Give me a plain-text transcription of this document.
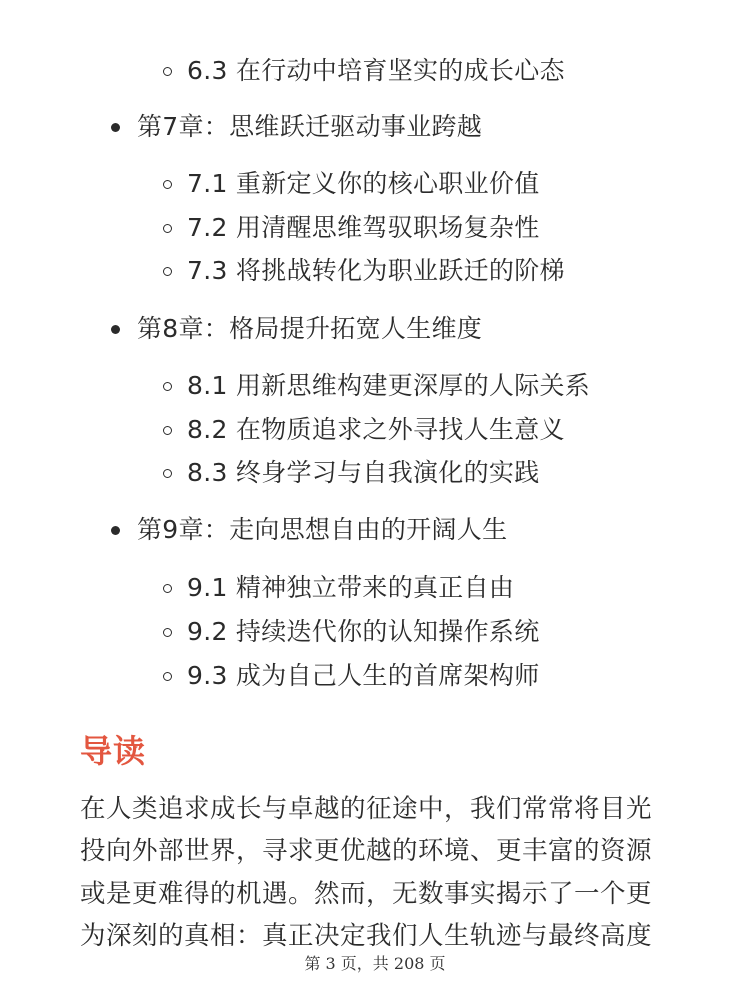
6.3 在行动中培育坚实的成长心态
第7章：思维跃迁驱动事业跨越
7.1 重新定义你的核心职业价值
7.2 用清醒思维驾驭职场复杂性
7.3 将挑战转化为职业跃迁的阶梯
第8章：格局提升拓宽人生维度
8.1 用新思维构建更深厚的人际关系
8.2 在物质追求之外寻找人生意义
8.3 终身学习与自我演化的实践
第9章：走向思想自由的开阔人生
9.1 精神独立带来的真正自由
9.2 持续迭代你的认知操作系统
9.3 成为自己人生的首席架构师
导读

在人类追求成长与卓越的征途中，我们常常将目光
投向外部世界，寻求更优越的环境、更丰富的资源
或是更难得的机遇。然而，无数事实揭示了一个更
为深刻的真相：真正决定我们人生轨迹与最终高度

第 3 页，共 208 页
